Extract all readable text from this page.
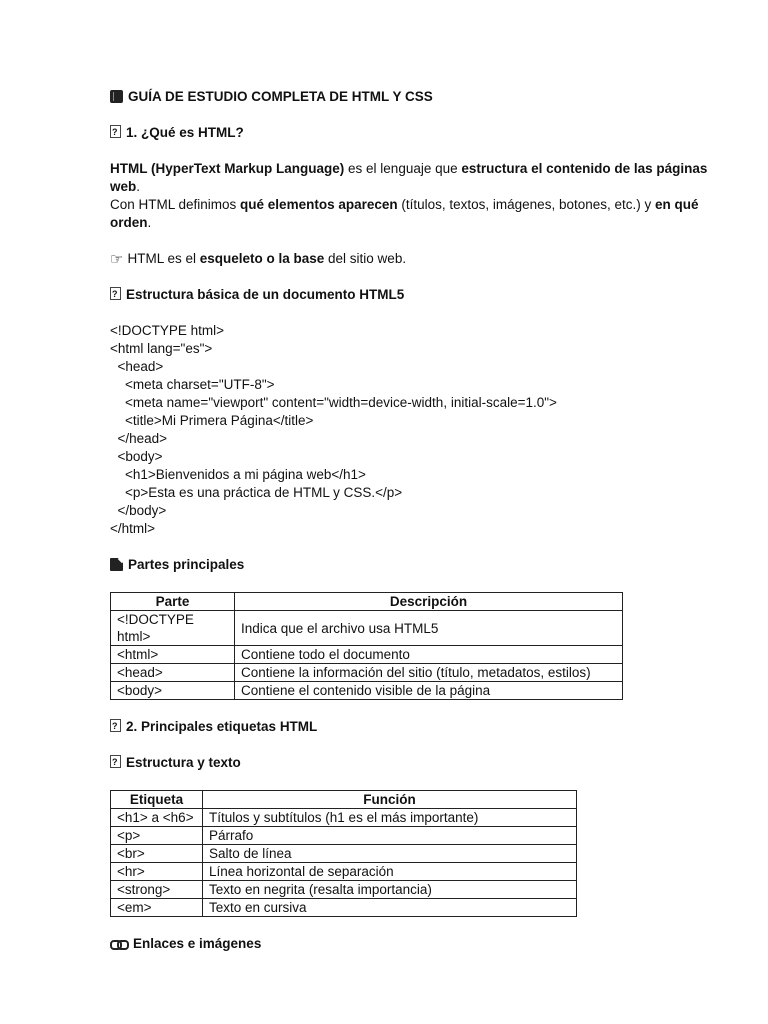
GUÍA DE ESTUDIO COMPLETA DE HTML Y CSS
?1. ¿Qué es HTML?
HTML (HyperText Markup Language) es el lenguaje que estructura el contenido de las páginas web.
Con HTML definimos qué elementos aparecen (títulos, textos, imágenes, botones, etc.) y en qué orden.
☞ HTML es el esqueleto o la base del sitio web.
?Estructura básica de un documento HTML5
<!DOCTYPE html>
<html lang="es">
<head>
<meta charset="UTF-8">
<meta name="viewport" content="width=device-width, initial-scale=1.0">
<title>Mi Primera Página</title>
</head>
<body>
<h1>Bienvenidos a mi página web</h1>
<p>Esta es una práctica de HTML y CSS.</p>
</body>
</html>
Partes principales
Parte	Descripción
<!DOCTYPE html>	Indica que el archivo usa HTML5
<html>	Contiene todo el documento
<head>	Contiene la información del sitio (título, metadatos, estilos)
<body>	Contiene el contenido visible de la página
?2. Principales etiquetas HTML
?Estructura y texto
Etiqueta	Función
<h1> a <h6>	Títulos y subtítulos (h1 es el más importante)
<p>	Párrafo
<br>	Salto de línea
<hr>	Línea horizontal de separación
<strong>	Texto en negrita (resalta importancia)
<em>	Texto en cursiva
Enlaces e imágenes
